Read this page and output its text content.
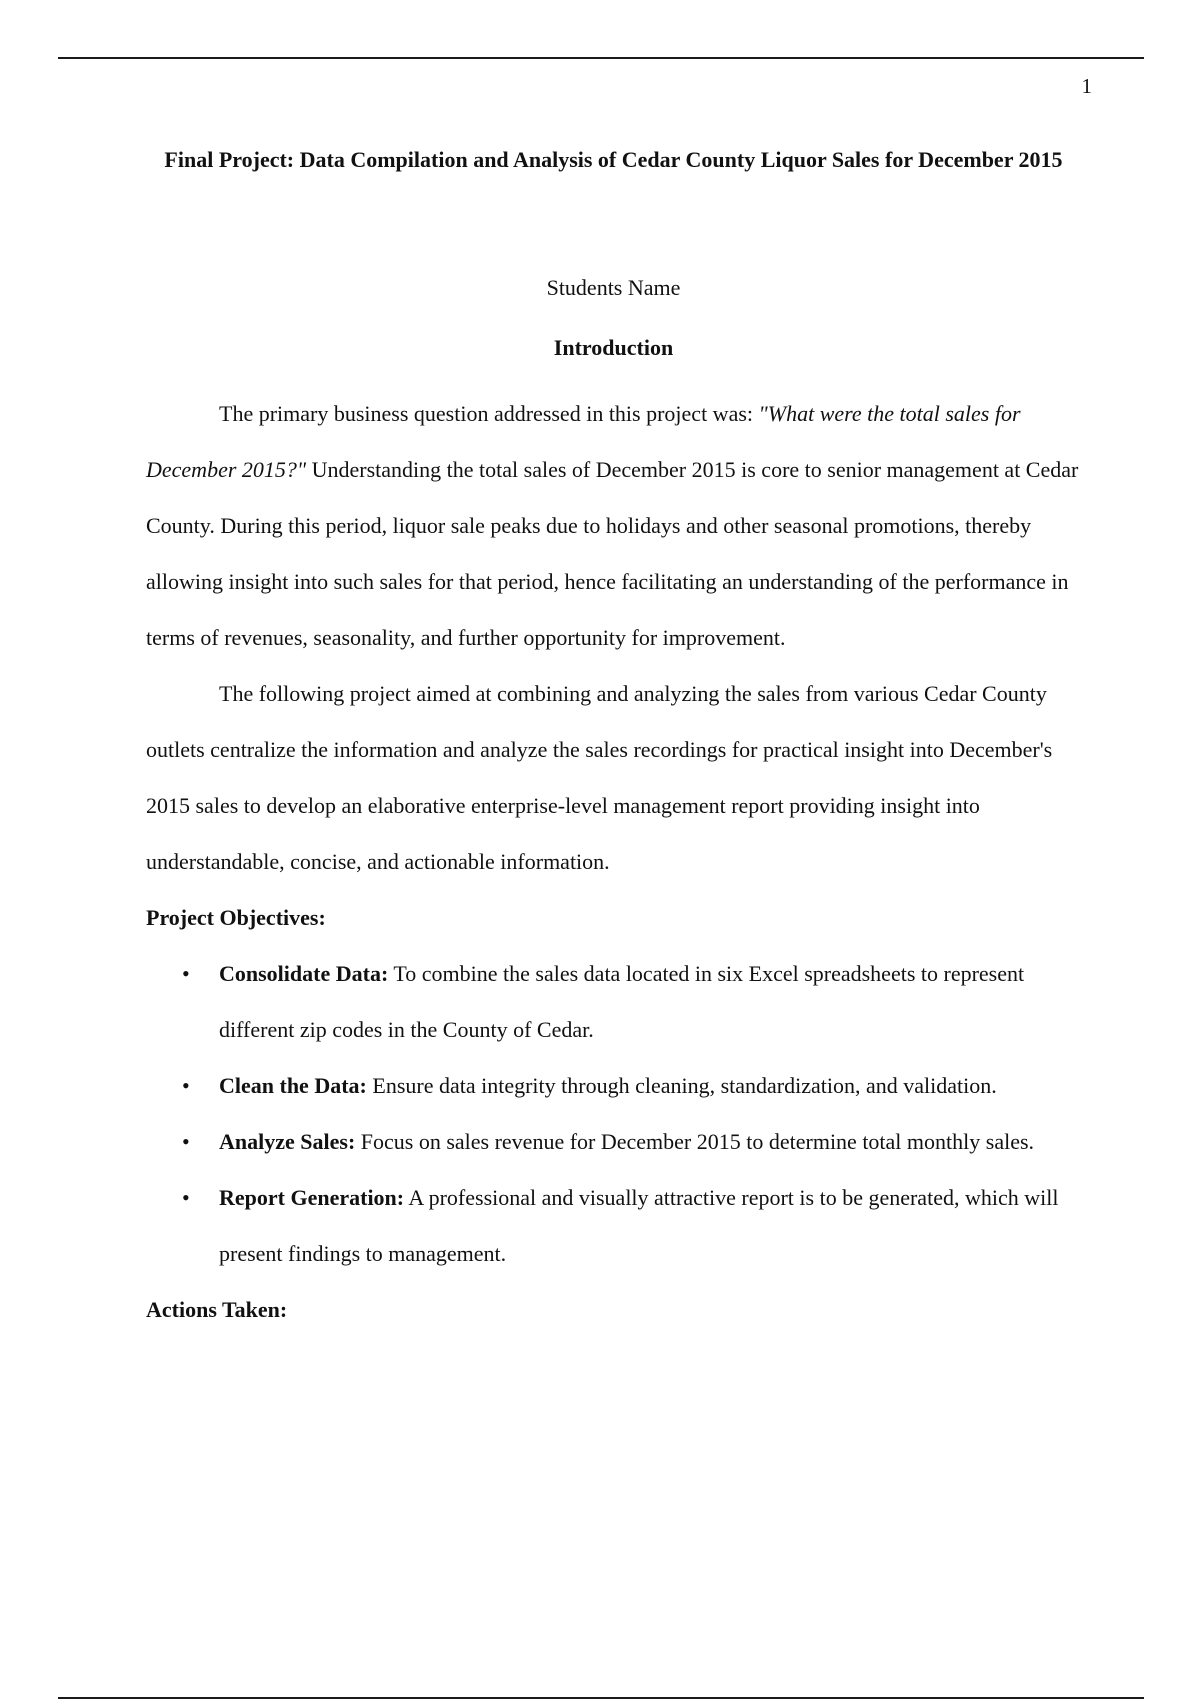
1
Final Project: Data Compilation and Analysis of Cedar County Liquor Sales for December 2015
Students Name
Introduction

The primary business question addressed in this project was: "What were the total sales for December 2015?" Understanding the total sales of December 2015 is core to senior management at Cedar County. During this period, liquor sale peaks due to holidays and other seasonal promotions, thereby allowing insight into such sales for that period, hence facilitating an understanding of the performance in terms of revenues, seasonality, and further opportunity for improvement.

The following project aimed at combining and analyzing the sales from various Cedar County outlets centralize the information and analyze the sales recordings for practical insight into December's 2015 sales to develop an elaborative enterprise-level management report providing insight into understandable, concise, and actionable information.

Project Objectives:

• Consolidate Data: To combine the sales data located in six Excel spreadsheets to represent different zip codes in the County of Cedar.
• Clean the Data: Ensure data integrity through cleaning, standardization, and validation.
• Analyze Sales: Focus on sales revenue for December 2015 to determine total monthly sales.
• Report Generation: A professional and visually attractive report is to be generated, which will present findings to management.

Actions Taken:
